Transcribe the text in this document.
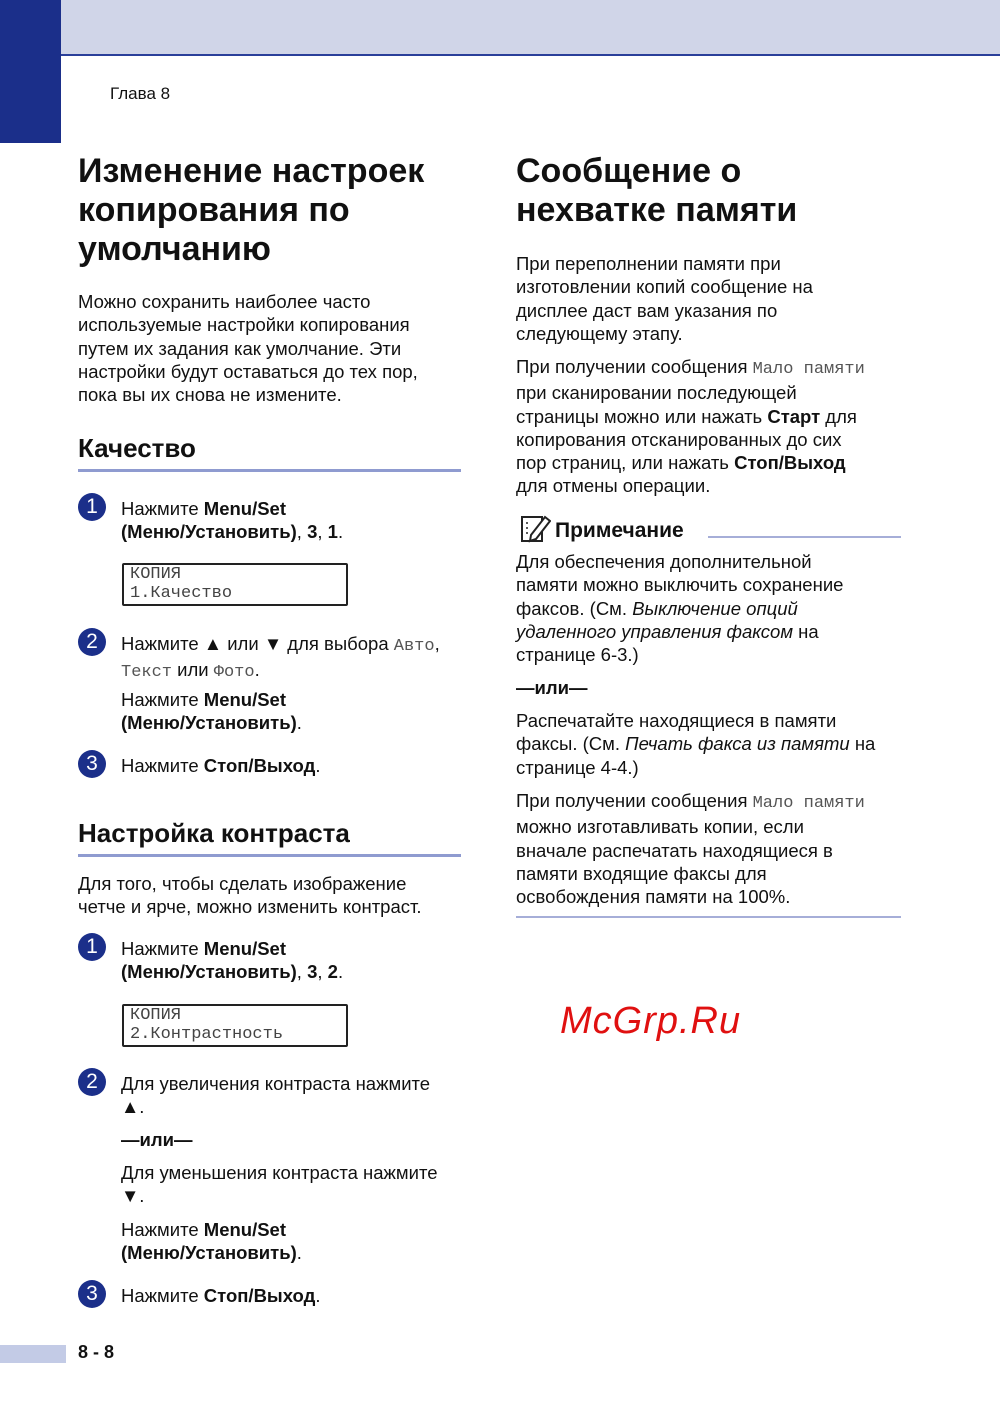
Глава 8
Изменение настроек
копирования по
умолчанию
Можно сохранить наиболее часто
используемые настройки копирования
путем их задания как умолчание. Эти
настройки будут оставаться до тех пор,
пока вы их снова не измените.
Качество
1	Нажмите Menu/Set
(Меню/Установить), 3, 1.
КОПИЯ
1.Качество
2	Нажмите ▲ или ▼ для выбора Авто,
Текст или Фото.
Нажмите Menu/Set
(Меню/Установить).
3	Нажмите Стоп/Выход.
Настройка контраста
Для того, чтобы сделать изображение
четче и ярче, можно изменить контраст.
1	Нажмите Menu/Set
(Меню/Установить), 3, 2.
КОПИЯ
2.Контрастность
2	Для увеличения контраста нажмите
▲.
—или—
Для уменьшения контраста нажмите
▼.
Нажмите Menu/Set
(Меню/Установить).
3	Нажмите Стоп/Выход.
Сообщение о
нехватке памяти
При переполнении памяти при
изготовлении копий сообщение на
дисплее даст вам указания по
следующему этапу.
При получении сообщения Мало памяти
при сканировании последующей
страницы можно или нажать Старт для
копирования отсканированных до сих
пор страниц, или нажать Стоп/Выход
для отмены операции.
Примечание
Для обеспечения дополнительной
памяти можно выключить сохранение
факсов. (См. Выключение опций
удаленного управления факсом на
странице 6-3.)
—или—
Распечатайте находящиеся в памяти
факсы. (См. Печать факса из памяти на
странице 4-4.)
При получении сообщения Мало памяти
можно изготавливать копии, если
вначале распечатать находящиеся в
памяти входящие факсы для
освобождения памяти на 100%.
McGrp.Ru
8 - 8
